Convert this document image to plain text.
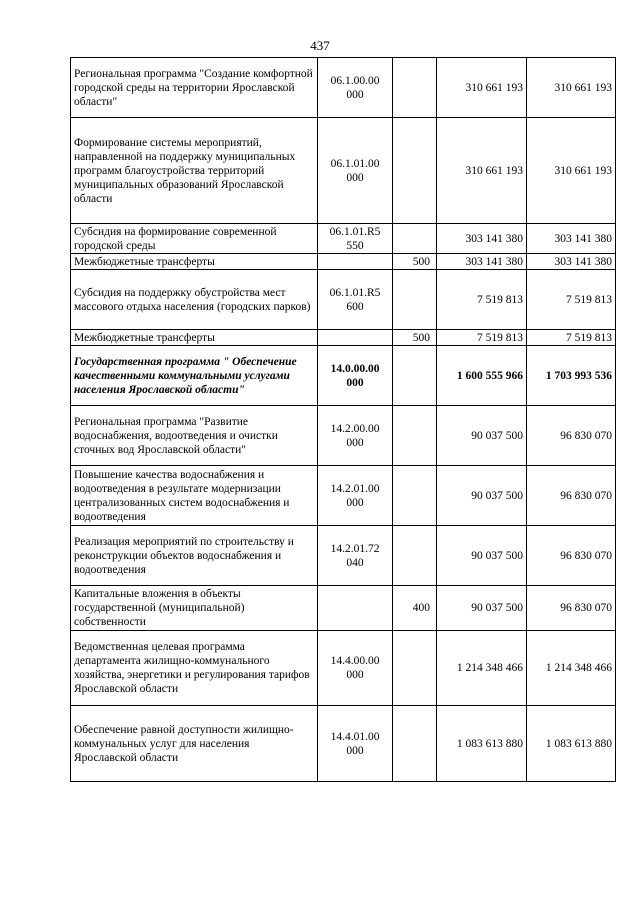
437
Региональная программа "Создание комфортной городской среды на территории Ярославской области"	06.1.00.00 000		310 661 193	310 661 193
Формирование системы мероприятий, направленной на поддержку муниципальных программ благоустройства территорий муниципальных образований Ярославской области	06.1.01.00 000		310 661 193	310 661 193
Субсидия на формирование современной городской среды	06.1.01.R5 550		303 141 380	303 141 380
Межбюджетные трансферты		500	303 141 380	303 141 380
Субсидия на поддержку обустройства мест массового отдыха населения (городских парков)	06.1.01.R5 600		7 519 813	7 519 813
Межбюджетные трансферты		500	7 519 813	7 519 813
Государственная программа " Обеспечение качественными коммунальными услугами населения Ярославской области"	14.0.00.00 000		1 600 555 966	1 703 993 536
Региональная программа "Развитие водоснабжения, водоотведения и очистки сточных вод Ярославской области"	14.2.00.00 000		90 037 500	96 830 070
Повышение качества водоснабжения и водоотведения в результате модернизации централизованных систем водоснабжения и водоотведения	14.2.01.00 000		90 037 500	96 830 070
Реализация мероприятий по строительству и реконструкции объектов водоснабжения и водоотведения	14.2.01.72 040		90 037 500	96 830 070
Капитальные вложения в объекты государственной (муниципальной) собственности		400	90 037 500	96 830 070
Ведомственная целевая программа департамента жилищно-коммунального хозяйства, энергетики и регулирования тарифов Ярославской области	14.4.00.00 000		1 214 348 466	1 214 348 466
Обеспечение равной доступности жилищно-коммунальных услуг для населения Ярославской области	14.4.01.00 000		1 083 613 880	1 083 613 880
